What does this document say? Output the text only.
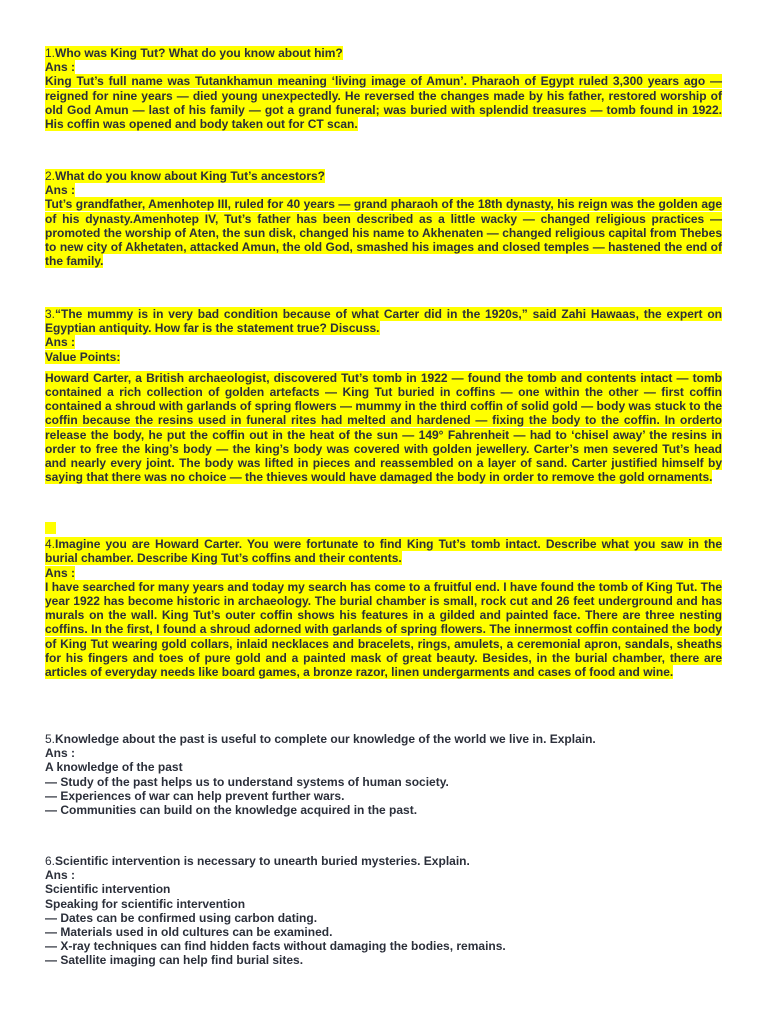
1.Who was King Tut? What do you know about him?
Ans :
King Tut’s full name was Tutankhamun meaning ‘living image of Amun’. Pharaoh of Egypt ruled 3,300 years ago — reigned for nine years — died young unexpectedly. He reversed the changes made by his father, restored worship of old God Amun — last of his family — got a grand funeral; was buried with splendid treasures — tomb found in 1922. His coffin was opened and body taken out for CT scan.
2.What do you know about King Tut’s ancestors?
Ans :
Tut’s grandfather, Amenhotep III, ruled for 40 years — grand pharaoh of the 18th dynasty, his reign was the golden age of his dynasty.Amenhotep IV, Tut’s father has been described as a little wacky — changed religious practices — promoted the worship of Aten, the sun disk, changed his name to Akhenaten — changed religious capital from Thebes to new city of Akhetaten, attacked Amun, the old God, smashed his images and closed temples — hastened the end of the family.
3.“The mummy is in very bad condition because of what Carter did in the 1920s,” said Zahi Hawaas, the expert on Egyptian antiquity. How far is the statement true? Discuss.
Ans :
Value Points:
Howard Carter, a British archaeologist, discovered Tut’s tomb in 1922 — found the tomb and contents intact — tomb contained a rich collection of golden artefacts — King Tut buried in coffins — one within the other — first coffin contained a shroud with garlands of spring flowers — mummy in the third coffin of solid gold — body was stuck to the coffin because the resins used in funeral rites had melted and hardened — fixing the body to the coffin. In orderto release the body, he put the coffin out in the heat of the sun — 149° Fahrenheit — had to ‘chisel away’ the resins in order to free the king’s body — the king’s body was covered with golden jewellery. Carter’s men severed Tut’s head and nearly every joint. The body was lifted in pieces and reassembled on a layer of sand. Carter justified himself by saying that there was no choice — the thieves would have damaged the body in order to remove the gold ornaments.
4.Imagine you are Howard Carter. You were fortunate to find King Tut’s tomb intact. Describe what you saw in the burial chamber. Describe King Tut’s coffins and their contents.
Ans :
I have searched for many years and today my search has come to a fruitful end. I have found the tomb of King Tut. The year 1922 has become historic in archaeology. The burial chamber is small, rock cut and 26 feet underground and has murals on the wall. King Tut’s outer coffin shows his features in a gilded and painted face. There are three nesting coffins. In the first, I found a shroud adorned with garlands of spring flowers. The innermost coffin contained the body of King Tut wearing gold collars, inlaid necklaces and bracelets, rings, amulets, a ceremonial apron, sandals, sheaths for his fingers and toes of pure gold and a painted mask of great beauty. Besides, in the burial chamber, there are articles of everyday needs like board games, a bronze razor, linen undergarments and cases of food and wine.
5.Knowledge about the past is useful to complete our knowledge of the world we live in. Explain.
Ans :
A knowledge of the past
— Study of the past helps us to understand systems of human society.
— Experiences of war can help prevent further wars.
— Communities can build on the knowledge acquired in the past.
6.Scientific intervention is necessary to unearth buried mysteries. Explain.
Ans :
Scientific intervention
Speaking for scientific intervention
— Dates can be confirmed using carbon dating.
— Materials used in old cultures can be examined.
— X-ray techniques can find hidden facts without damaging the bodies, remains.
— Satellite imaging can help find burial sites.
